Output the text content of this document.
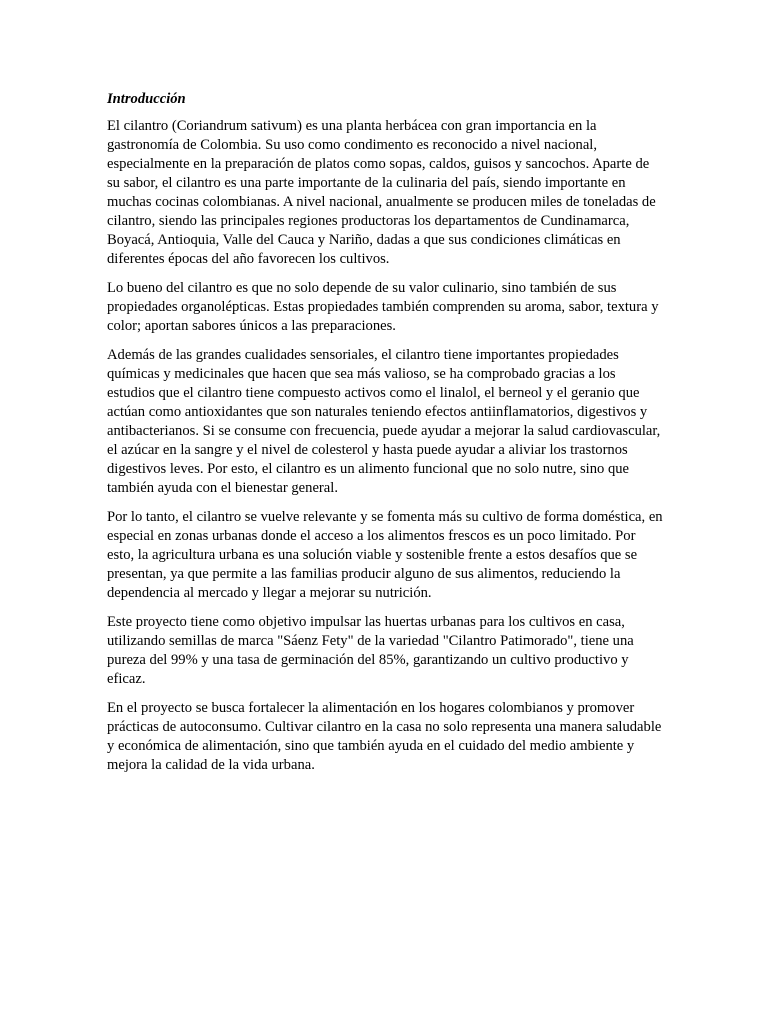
Introducción

El cilantro (Coriandrum sativum) es una planta herbácea con gran importancia en la gastronomía de Colombia. Su uso como condimento es reconocido a nivel nacional, especialmente en la preparación de platos como sopas, caldos, guisos y sancochos. Aparte de su sabor, el cilantro es una parte importante de la culinaria del país, siendo importante en muchas cocinas colombianas. A nivel nacional, anualmente se producen miles de toneladas de cilantro, siendo las principales regiones productoras los departamentos de Cundinamarca, Boyacá, Antioquia, Valle del Cauca y Nariño, dadas a que sus condiciones climáticas en diferentes épocas del año favorecen los cultivos.

Lo bueno del cilantro es que no solo depende de su valor culinario, sino también de sus propiedades organolépticas. Estas propiedades también comprenden su aroma, sabor, textura y color; aportan sabores únicos a las preparaciones.

Además de las grandes cualidades sensoriales, el cilantro tiene importantes propiedades químicas y medicinales que hacen que sea más valioso, se ha comprobado gracias a los estudios que el cilantro tiene compuesto activos como el linalol, el berneol y el geranio que actúan como antioxidantes que son naturales teniendo efectos antiinflamatorios, digestivos y antibacterianos. Si se consume con frecuencia, puede ayudar a mejorar la salud cardiovascular, el azúcar en la sangre y el nivel de colesterol y hasta puede ayudar a aliviar los trastornos digestivos leves. Por esto, el cilantro es un alimento funcional que no solo nutre, sino que también ayuda con el bienestar general.

Por lo tanto, el cilantro se vuelve relevante y se fomenta más su cultivo de forma doméstica, en especial en zonas urbanas donde el acceso a los alimentos frescos es un poco limitado. Por esto, la agricultura urbana es una solución viable y sostenible frente a estos desafíos que se presentan, ya que permite a las familias producir alguno de sus alimentos, reduciendo la dependencia al mercado y llegar a mejorar su nutrición.

Este proyecto tiene como objetivo impulsar las huertas urbanas para los cultivos en casa, utilizando semillas de marca "Sáenz Fety" de la variedad "Cilantro Patimorado", tiene una pureza del 99% y una tasa de germinación del 85%, garantizando un cultivo productivo y eficaz.

En el proyecto se busca fortalecer la alimentación en los hogares colombianos y promover prácticas de autoconsumo. Cultivar cilantro en la casa no solo representa una manera saludable y económica de alimentación, sino que también ayuda en el cuidado del medio ambiente y mejora la calidad de la vida urbana.
